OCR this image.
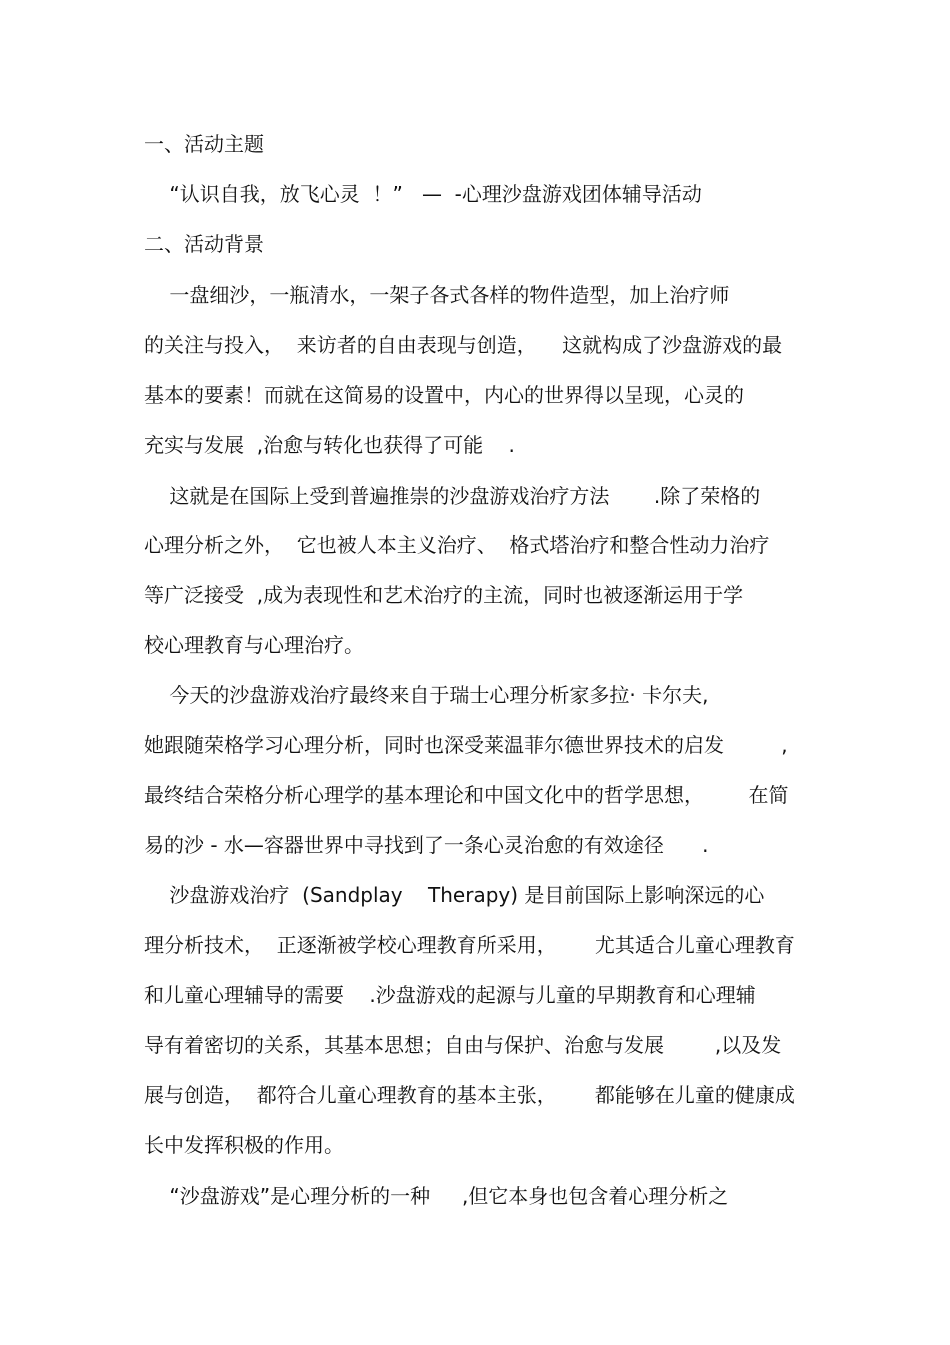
一、活动主题
“认识自我，放飞心灵  ！”   —  -心理沙盘游戏团体辅导活动
二、活动背景
一盘细沙，一瓶清水，一架子各式各样的物件造型，加上治疗师
的关注与投入，  来访者的自由表现与创造，    这就构成了沙盘游戏的最
基本的要素！而就在这简易的设置中，内心的世界得以呈现，心灵的
充实与发展  ,治愈与转化也获得了可能    .
这就是在国际上受到普遍推崇的沙盘游戏治疗方法       .除了荣格的
心理分析之外，  它也被人本主义治疗、  格式塔治疗和整合性动力治疗
等广泛接受  ,成为表现性和艺术治疗的主流，同时也被逐渐运用于学
校心理教育与心理治疗。
今天的沙盘游戏治疗最终来自于瑞士心理分析家多拉· 卡尔夫,
她跟随荣格学习心理分析，同时也深受莱温菲尔德世界技术的启发         ,
最终结合荣格分析心理学的基本理论和中国文化中的哲学思想，       在简
易的沙 - 水—容器世界中寻找到了一条心灵治愈的有效途径      .
沙盘游戏治疗  (Sandplay    Therapy) 是目前国际上影响深远的心
理分析技术，  正逐渐被学校心理教育所采用，      尤其适合儿童心理教育
和儿童心理辅导的需要    .沙盘游戏的起源与儿童的早期教育和心理辅
导有着密切的关系，其基本思想；自由与保护、治愈与发展        ,以及发
展与创造，  都符合儿童心理教育的基本主张，      都能够在儿童的健康成
长中发挥积极的作用。
“沙盘游戏”是心理分析的一种     ,但它本身也包含着心理分析之
